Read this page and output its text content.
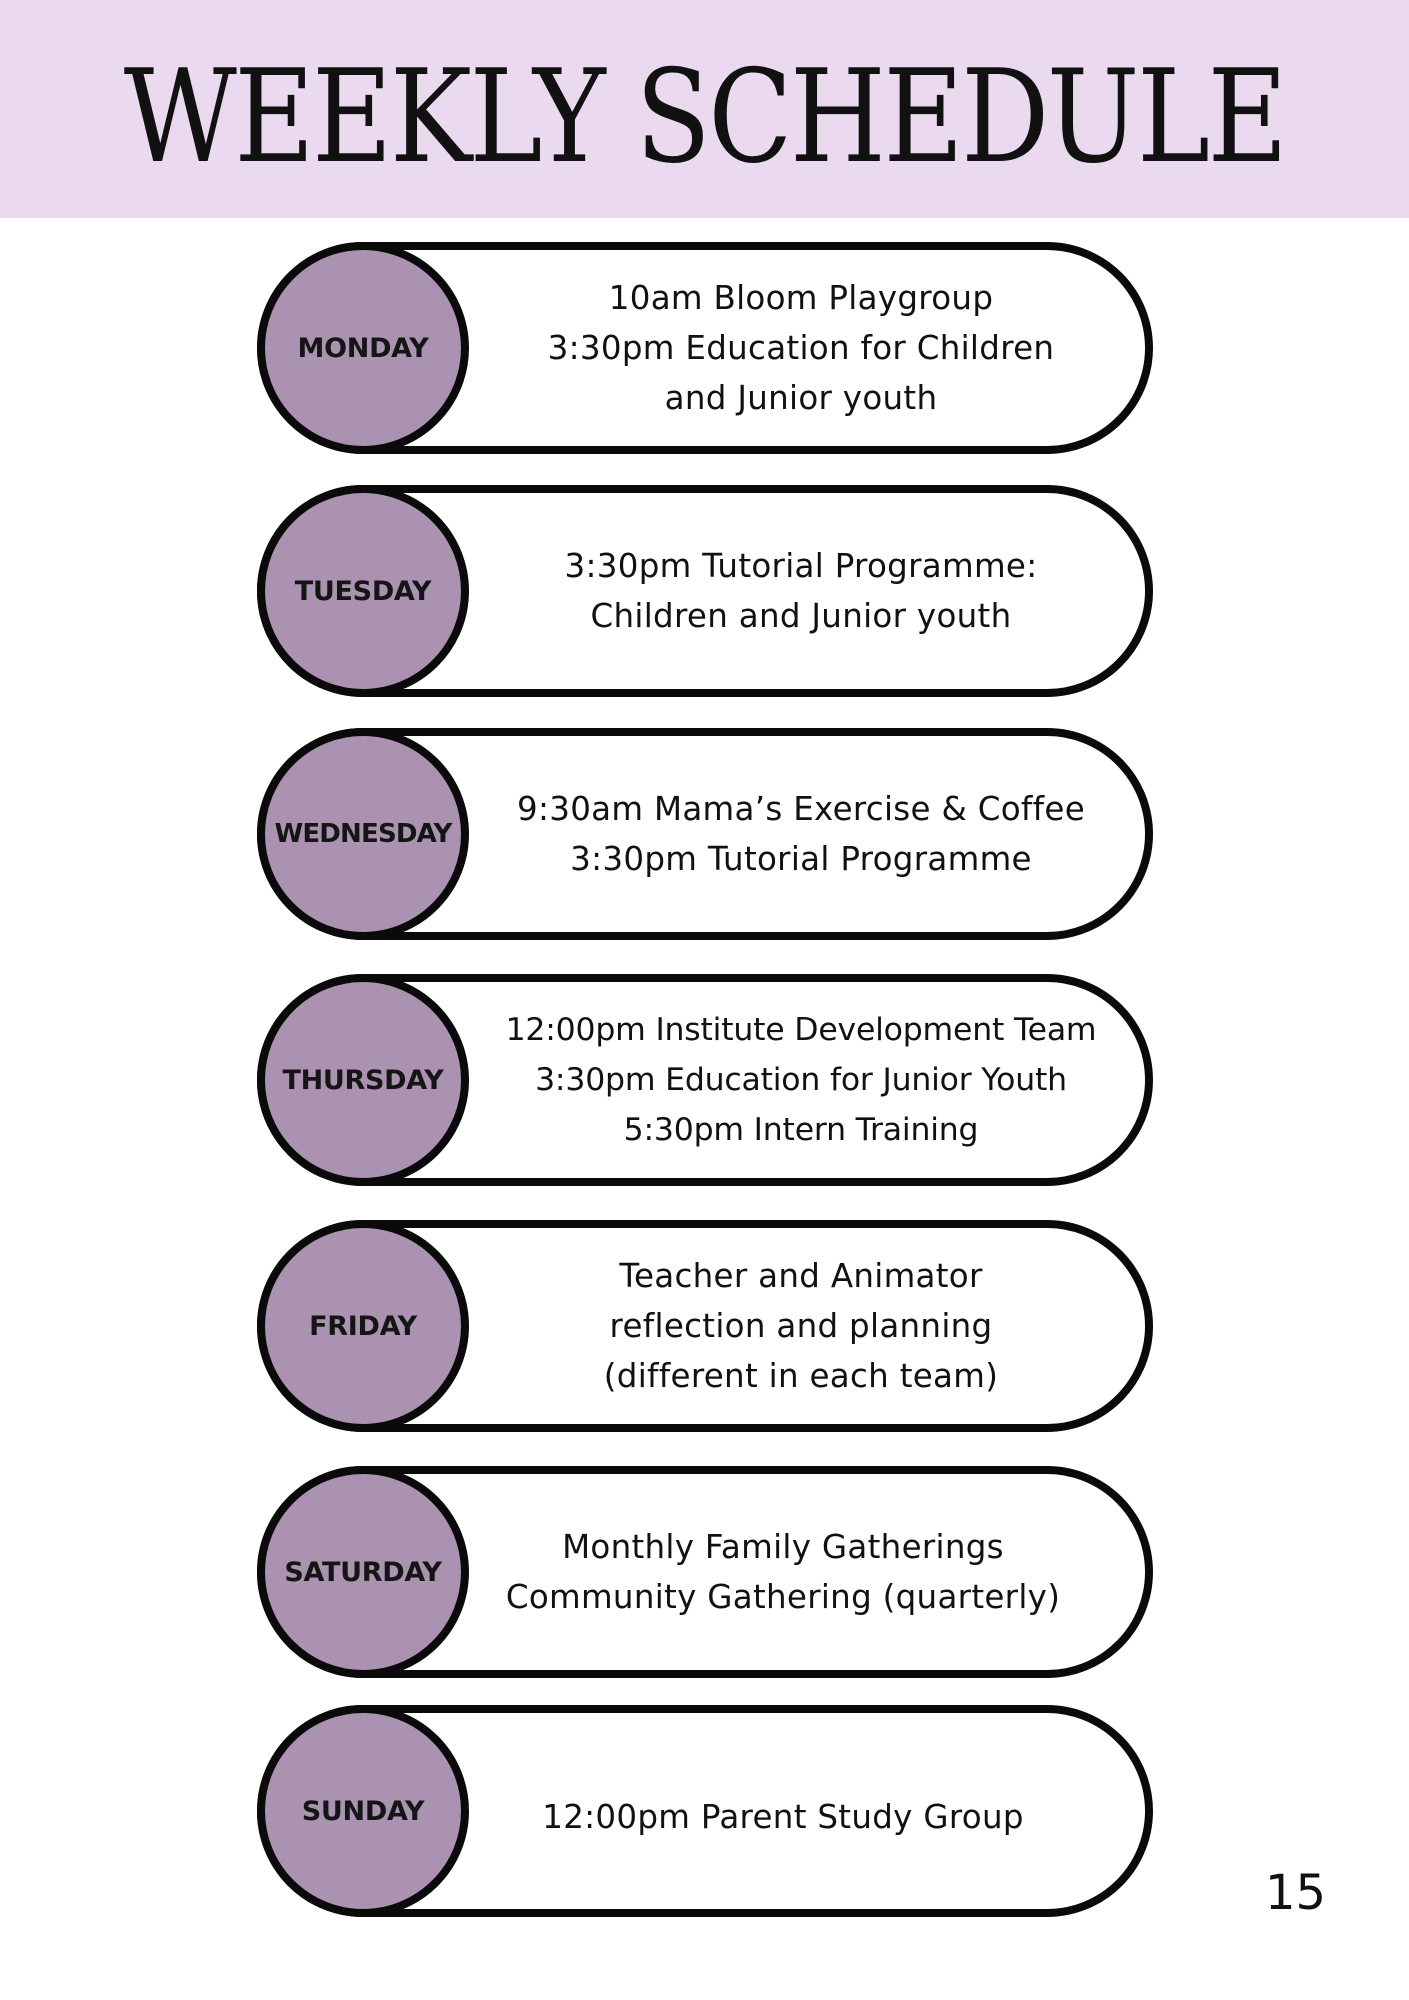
WEEKLY SCHEDULE
MONDAY
10am Bloom Playgroup
3:30pm Education for Children
and Junior youth
TUESDAY
3:30pm Tutorial Programme:
Children and Junior youth
WEDNESDAY
9:30am Mama’s Exercise & Coffee
3:30pm Tutorial Programme
THURSDAY
12:00pm Institute Development Team
3:30pm Education for Junior Youth
5:30pm Intern Training
FRIDAY
Teacher and Animator
reflection and planning
(different in each team)
SATURDAY
Monthly Family Gatherings
Community Gathering (quarterly)
SUNDAY	12:00pm Parent Study Group
15
